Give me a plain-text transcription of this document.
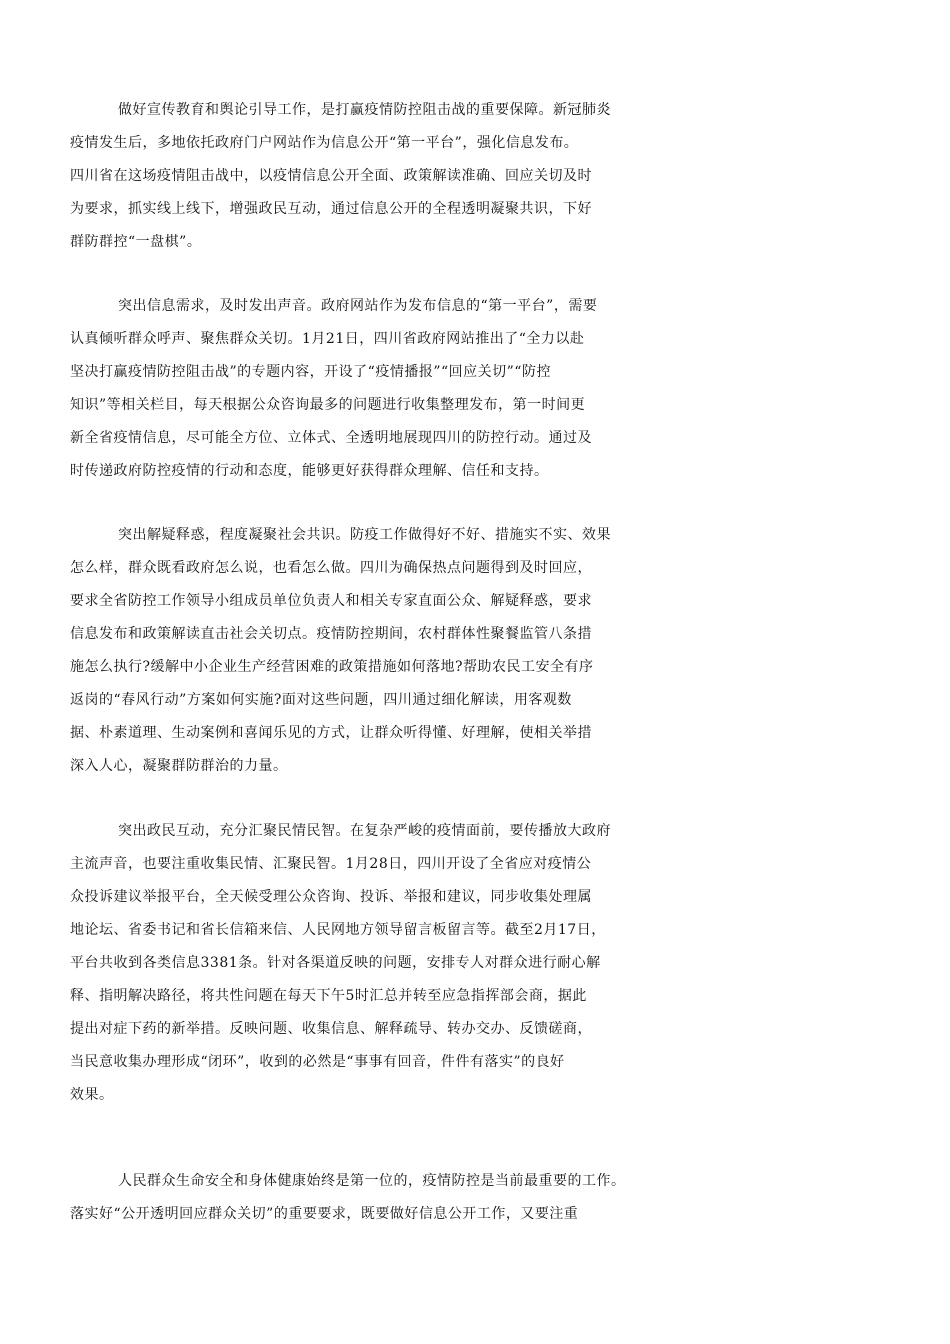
做好宣传教育和舆论引导工作，是打赢疫情防控阻击战的重要保障。新冠肺炎
疫情发生后，多地依托政府门户网站作为信息公开“第一平台”，强化信息发布。
四川省在这场疫情阻击战中，以疫情信息公开全面、政策解读准确、回应关切及时
为要求，抓实线上线下，增强政民互动，通过信息公开的全程透明凝聚共识，下好
群防群控“一盘棋”。
突出信息需求，及时发出声音。政府网站作为发布信息的“第一平台”，需要
认真倾听群众呼声、聚焦群众关切。1月21日，四川省政府网站推出了“全力以赴
坚决打赢疫情防控阻击战”的专题内容，开设了“疫情播报”“回应关切”“防控
知识”等相关栏目，每天根据公众咨询最多的问题进行收集整理发布，第一时间更
新全省疫情信息，尽可能全方位、立体式、全透明地展现四川的防控行动。通过及
时传递政府防控疫情的行动和态度，能够更好获得群众理解、信任和支持。
突出解疑释惑，程度凝聚社会共识。防疫工作做得好不好、措施实不实、效果
怎么样，群众既看政府怎么说，也看怎么做。四川为确保热点问题得到及时回应，
要求全省防控工作领导小组成员单位负责人和相关专家直面公众、解疑释惑，要求
信息发布和政策解读直击社会关切点。疫情防控期间，农村群体性聚餐监管八条措
施怎么执行?缓解中小企业生产经营困难的政策措施如何落地?帮助农民工安全有序
返岗的“春风行动”方案如何实施?面对这些问题，四川通过细化解读，用客观数
据、朴素道理、生动案例和喜闻乐见的方式，让群众听得懂、好理解，使相关举措
深入人心，凝聚群防群治的力量。
突出政民互动，充分汇聚民情民智。在复杂严峻的疫情面前，要传播放大政府
主流声音，也要注重收集民情、汇聚民智。1月28日，四川开设了全省应对疫情公
众投诉建议举报平台，全天候受理公众咨询、投诉、举报和建议，同步收集处理属
地论坛、省委书记和省长信箱来信、人民网地方领导留言板留言等。截至2月17日，
平台共收到各类信息3381条。针对各渠道反映的问题，安排专人对群众进行耐心解
释、指明解决路径，将共性问题在每天下午5时汇总并转至应急指挥部会商，据此
提出对症下药的新举措。反映问题、收集信息、解释疏导、转办交办、反馈磋商，
当民意收集办理形成“闭环”，收到的必然是“事事有回音，件件有落实”的良好
效果。
人民群众生命安全和身体健康始终是第一位的，疫情防控是当前最重要的工作。
落实好“公开透明回应群众关切”的重要要求，既要做好信息公开工作，又要注重
